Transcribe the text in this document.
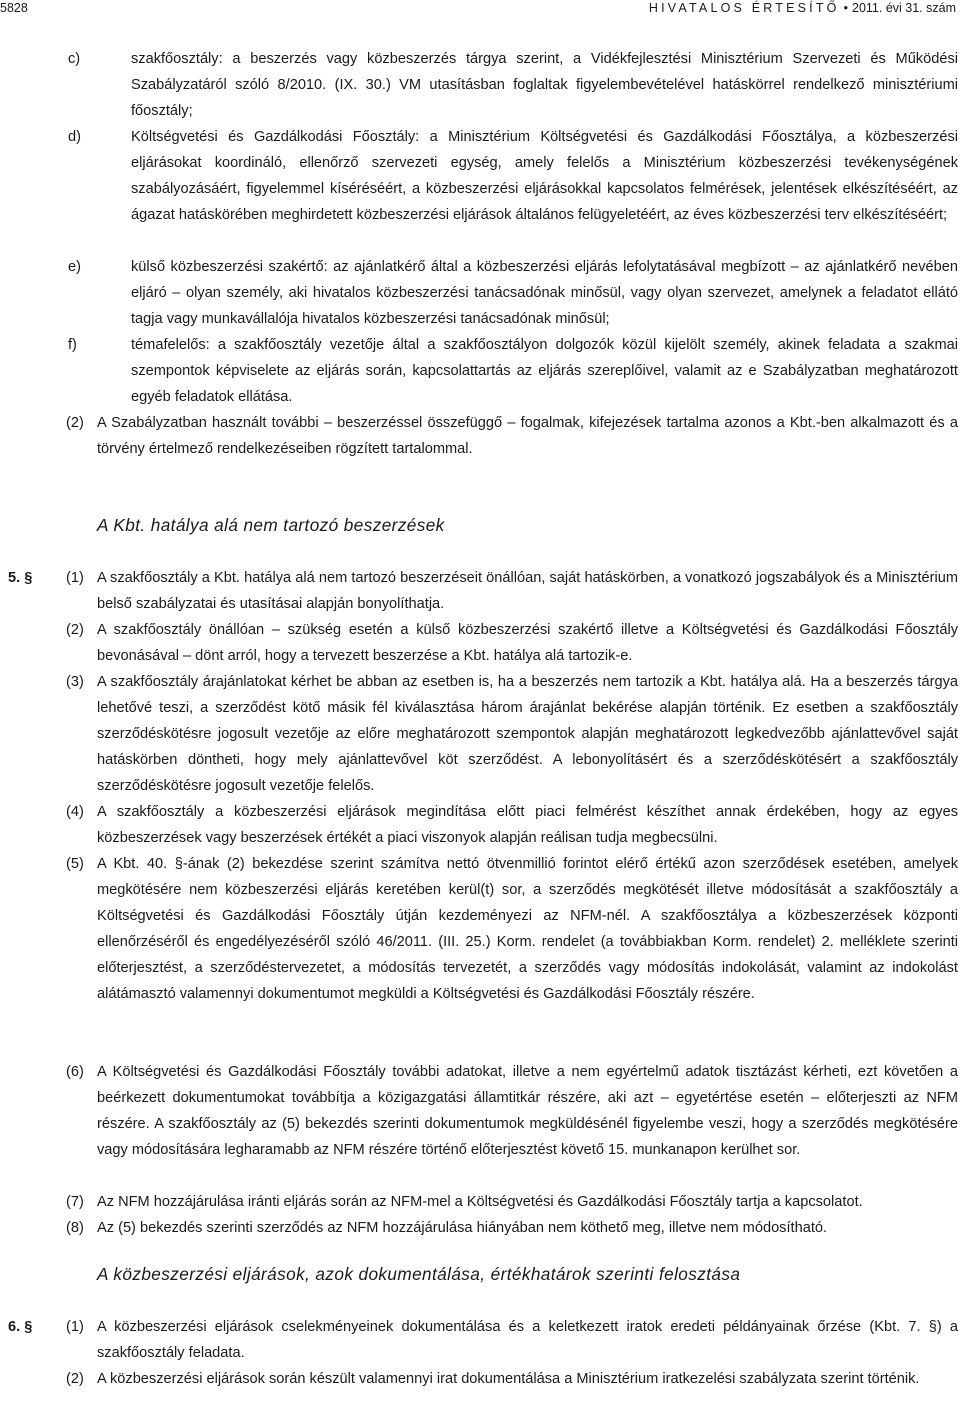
5828	HIVATALOS ÉRTESÍTŐ • 2011. évi 31. szám
c)	szakfőosztály: a beszerzés vagy közbeszerzés tárgya szerint, a Vidékfejlesztési Minisztérium Szervezeti és Működési Szabályzatáról szóló 8/2010. (IX. 30.) VM utasításban foglaltak figyelembevételével hatáskörrel rendelkező minisztériumi főosztály;
d)	Költségvetési és Gazdálkodási Főosztály: a Minisztérium Költségvetési és Gazdálkodási Főosztálya, a közbeszerzési eljárásokat koordináló, ellenőrző szervezeti egység, amely felelős a Minisztérium közbeszerzési tevékenységének szabályozásáért, figyelemmel kíséréséért, a közbeszerzési eljárásokkal kapcsolatos felmérések, jelentések elkészítéséért, az ágazat hatáskörében meghirdetett közbeszerzési eljárások általános felügyeletéért, az éves közbeszerzési terv elkészítéséért;
e)	külső közbeszerzési szakértő: az ajánlatkérő által a közbeszerzési eljárás lefolytatásával megbízott – az ajánlatkérő nevében eljáró – olyan személy, aki hivatalos közbeszerzési tanácsadónak minősül, vagy olyan szervezet, amelynek a feladatot ellátó tagja vagy munkavállalója hivatalos közbeszerzési tanácsadónak minősül;
f)	témafelelős: a szakfőosztály vezetője által a szakfőosztályon dolgozók közül kijelölt személy, akinek feladata a szakmai szempontok képviselete az eljárás során, kapcsolattartás az eljárás szereplőivel, valamit az e Szabályzatban meghatározott egyéb feladatok ellátása.
(2) A Szabályzatban használt további – beszerzéssel összefüggő – fogalmak, kifejezések tartalma azonos a Kbt.-ben alkalmazott és a törvény értelmező rendelkezéseiben rögzített tartalommal.
A Kbt. hatálya alá nem tartozó beszerzések
5. § (1) A szakfőosztály a Kbt. hatálya alá nem tartozó beszerzéseit önállóan, saját hatáskörben, a vonatkozó jogszabályok és a Minisztérium belső szabályzatai és utasításai alapján bonyolíthatja.
(2) A szakfőosztály önállóan – szükség esetén a külső közbeszerzési szakértő illetve a Költségvetési és Gazdálkodási Főosztály bevonásával – dönt arról, hogy a tervezett beszerzése a Kbt. hatálya alá tartozik-e.
(3) A szakfőosztály árajánlatokat kérhet be abban az esetben is, ha a beszerzés nem tartozik a Kbt. hatálya alá. Ha a beszerzés tárgya lehetővé teszi, a szerződést kötő másik fél kiválasztása három árajánlat bekérése alapján történik. Ez esetben a szakfőosztály szerződéskötésre jogosult vezetője az előre meghatározott szempontok alapján meghatározott legkedvezőbb ajánlattevővel saját hatáskörben döntheti, hogy mely ajánlattevővel köt szerződést. A lebonyolításért és a szerződéskötésért a szakfőosztály szerződéskötésre jogosult vezetője felelős.
(4) A szakfőosztály a közbeszerzési eljárások megindítása előtt piaci felmérést készíthet annak érdekében, hogy az egyes közbeszerzések vagy beszerzések értékét a piaci viszonyok alapján reálisan tudja megbecsülni.
(5) A Kbt. 40. §-ának (2) bekezdése szerint számítva nettó ötvenmillió forintot elérő értékű azon szerződések esetében, amelyek megkötésére nem közbeszerzési eljárás keretében kerül(t) sor, a szerződés megkötését illetve módosítását a szakfőosztály a Költségvetési és Gazdálkodási Főosztály útján kezdeményezi az NFM-nél. A szakfőosztálya a közbeszerzések központi ellenőrzéséről és engedélyezéséről szóló 46/2011. (III. 25.) Korm. rendelet (a továbbiakban Korm. rendelet) 2. melléklete szerinti előterjesztést, a szerződéstervezetet, a módosítás tervezetét, a szerződés vagy módosítás indokolását, valamint az indokolást alátámasztó valamennyi dokumentumot megküldi a Költségvetési és Gazdálkodási Főosztály részére.
(6) A Költségvetési és Gazdálkodási Főosztály további adatokat, illetve a nem egyértelmű adatok tisztázást kérheti, ezt követően a beérkezett dokumentumokat továbbítja a közigazgatási államtitkár részére, aki azt – egyetértése esetén – előterjeszti az NFM részére. A szakfőosztály az (5) bekezdés szerinti dokumentumok megküldésénél figyelembe veszi, hogy a szerződés megkötésére vagy módosítására legharamabb az NFM részére történő előterjesztést követő 15. munkanapon kerülhet sor.
(7) Az NFM hozzájárulása iránti eljárás során az NFM-mel a Költségvetési és Gazdálkodási Főosztály tartja a kapcsolatot.
(8) Az (5) bekezdés szerinti szerződés az NFM hozzájárulása hiányában nem köthető meg, illetve nem módosítható.
A közbeszerzési eljárások, azok dokumentálása, értékhatárok szerinti felosztása
6. § (1) A közbeszerzési eljárások cselekményeinek dokumentálása és a keletkezett iratok eredeti példányainak őrzése (Kbt. 7. §) a szakfőosztály feladata.
(2) A közbeszerzési eljárások során készült valamennyi irat dokumentálása a Minisztérium iratkezelési szabályzata szerint történik.
